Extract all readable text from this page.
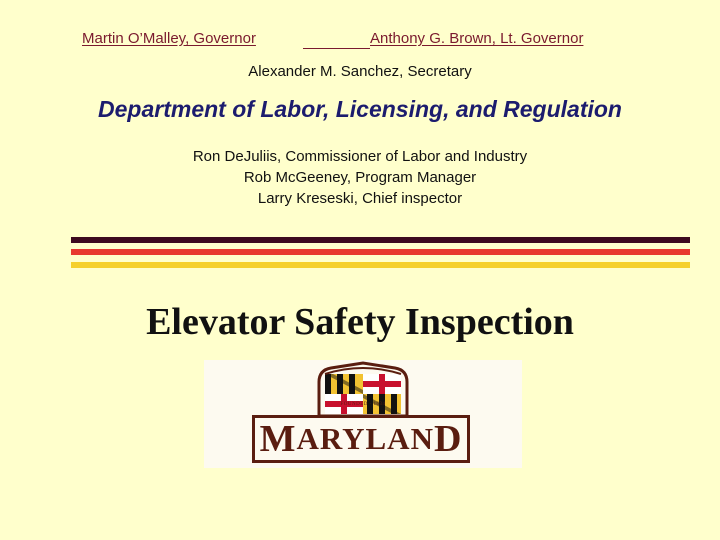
Martin O’Malley, Governor	Anthony G. Brown, Lt. Governor
Alexander M. Sanchez, Secretary
Department of Labor, Licensing, and Regulation
Ron DeJuliis, Commissioner of Labor and Industry
Rob McGeeney, Program Manager
Larry Kreseski, Chief inspector
Elevator Safety Inspection
FOUNDED · 1634
M ARYLAN D
